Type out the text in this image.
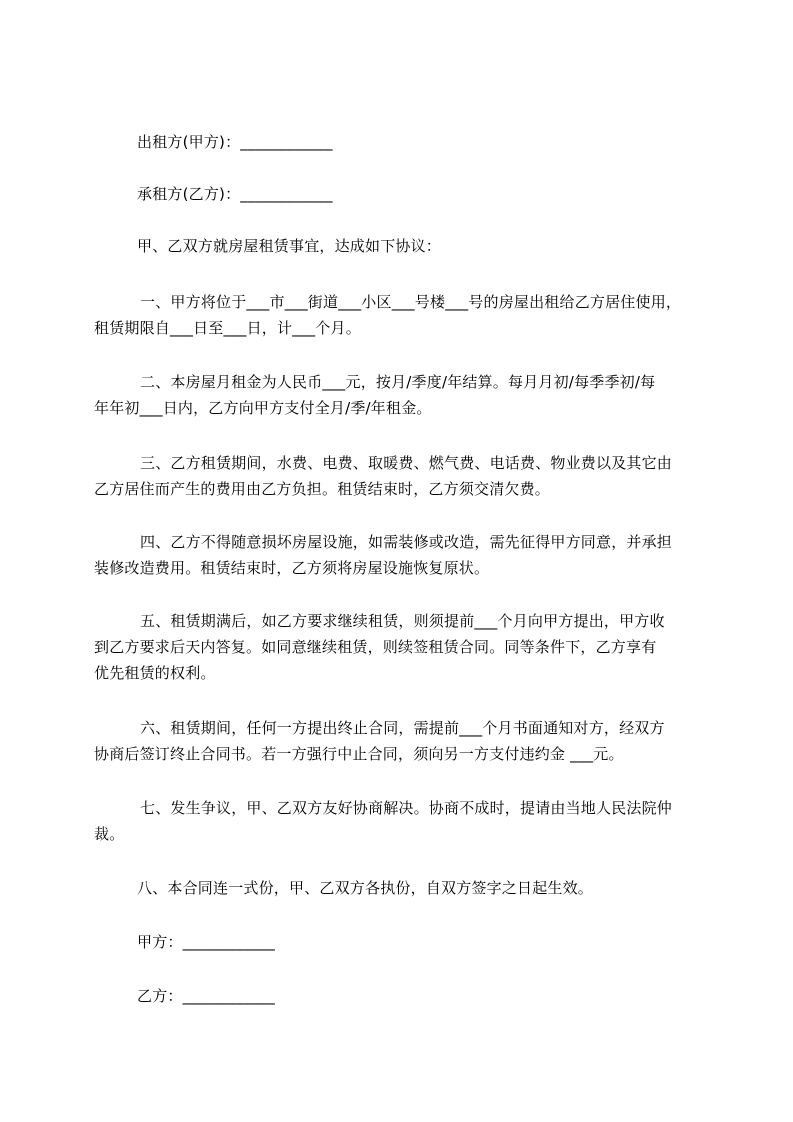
出租方(甲方)：____________
承租方(乙方)：____________
甲、乙双方就房屋租赁事宜，达成如下协议：
一、甲方将位于___市___街道___小区___号楼___号的房屋出租给乙方居住使用，
租赁期限自___日至___日，计___个月。
二、本房屋月租金为人民币___元，按月/季度/年结算。每月月初/每季季初/每
年年初___日内，乙方向甲方支付全月/季/年租金。
三、乙方租赁期间，水费、电费、取暖费、燃气费、电话费、物业费以及其它由
乙方居住而产生的费用由乙方负担。租赁结束时，乙方须交清欠费。
四、乙方不得随意损坏房屋设施，如需装修或改造，需先征得甲方同意，并承担
装修改造费用。租赁结束时，乙方须将房屋设施恢复原状。
五、租赁期满后，如乙方要求继续租赁，则须提前___个月向甲方提出，甲方收
到乙方要求后天内答复。如同意继续租赁，则续签租赁合同。同等条件下，乙方享有
优先租赁的权利。
六、租赁期间，任何一方提出终止合同，需提前___个月书面通知对方，经双方
协商后签订终止合同书。若一方强行中止合同，须向另一方支付违约金 ___元。
七、发生争议，甲、乙双方友好协商解决。协商不成时，提请由当地人民法院仲
裁。
八、本合同连一式份，甲、乙双方各执份，自双方签字之日起生效。
甲方：____________
乙方：____________
